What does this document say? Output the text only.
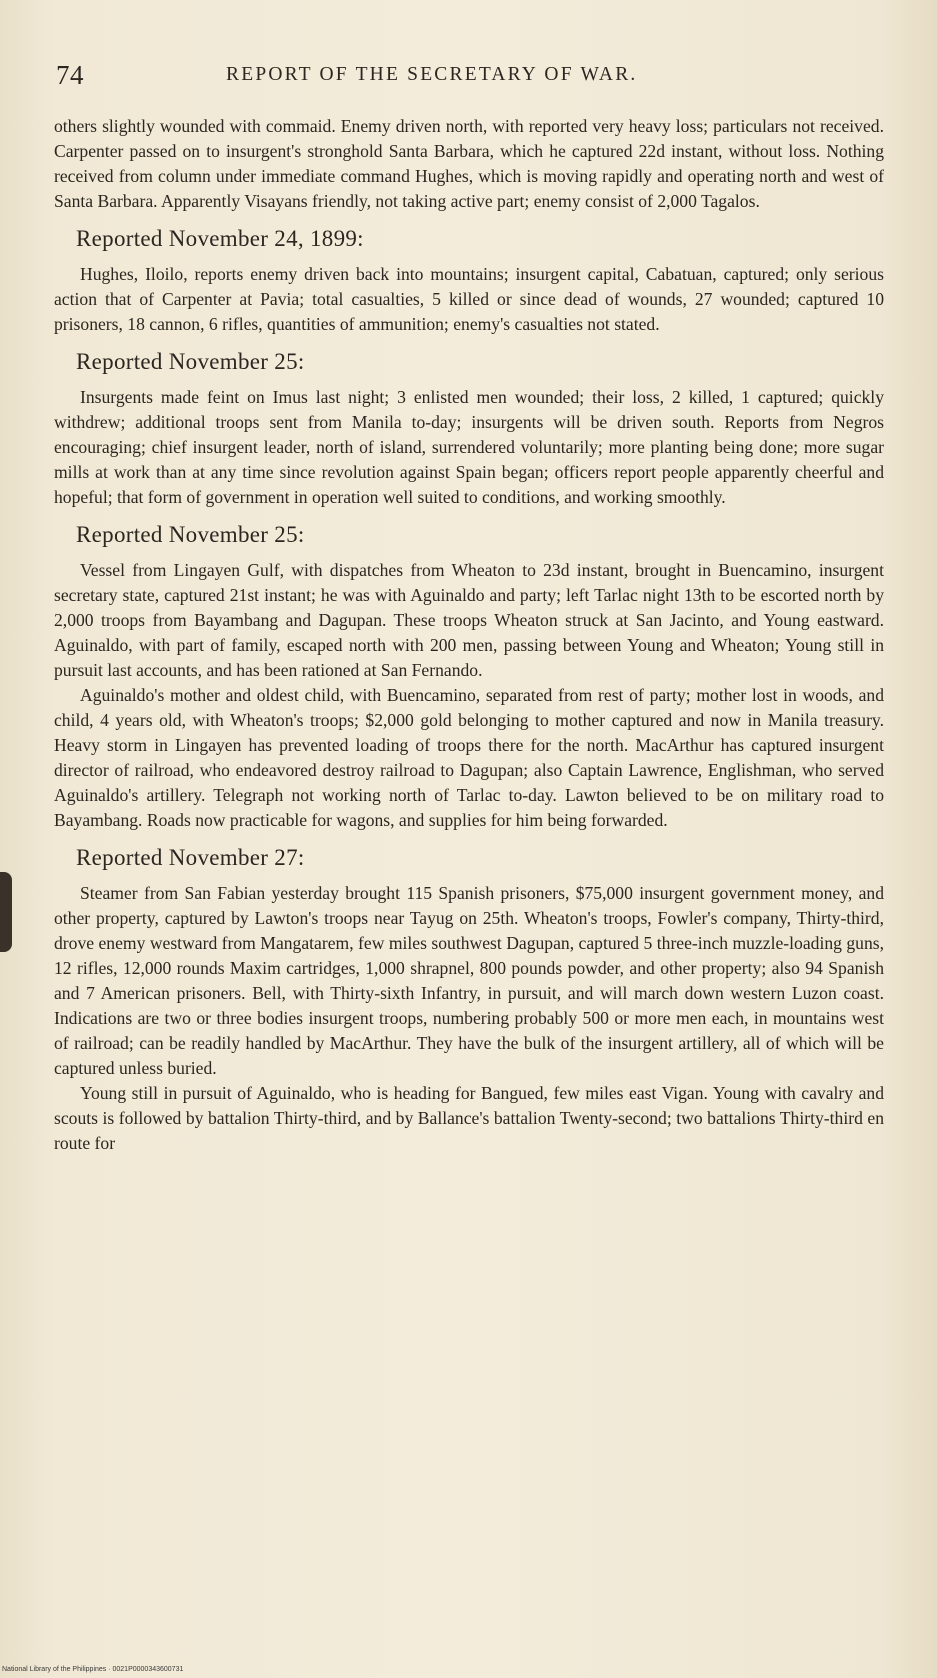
74	REPORT OF THE SECRETARY OF WAR.

others slightly wounded with commaid. Enemy driven north, with reported very heavy loss; particulars not received. Carpenter passed on to insurgent's stronghold Santa Barbara, which he captured 22d instant, without loss. Nothing received from column under immediate command Hughes, which is moving rapidly and operating north and west of Santa Barbara. Apparently Visayans friendly, not taking active part; enemy consist of 2,000 Tagalos.

Reported November 24, 1899:

Hughes, Iloilo, reports enemy driven back into mountains; insurgent capital, Cabatuan, captured; only serious action that of Carpenter at Pavia; total casualties, 5 killed or since dead of wounds, 27 wounded; captured 10 prisoners, 18 cannon, 6 rifles, quantities of ammunition; enemy's casualties not stated.

Reported November 25:

Insurgents made feint on Imus last night; 3 enlisted men wounded; their loss, 2 killed, 1 captured; quickly withdrew; additional troops sent from Manila to-day; insurgents will be driven south. Reports from Negros encouraging; chief insurgent leader, north of island, surrendered voluntarily; more planting being done; more sugar mills at work than at any time since revolution against Spain began; officers report people apparently cheerful and hopeful; that form of government in operation well suited to conditions, and working smoothly.

Reported November 25:

Vessel from Lingayen Gulf, with dispatches from Wheaton to 23d instant, brought in Buencamino, insurgent secretary state, captured 21st instant; he was with Aguinaldo and party; left Tarlac night 13th to be escorted north by 2,000 troops from Bayambang and Dagupan. These troops Wheaton struck at San Jacinto, and Young eastward. Aguinaldo, with part of family, escaped north with 200 men, passing between Young and Wheaton; Young still in pursuit last accounts, and has been rationed at San Fernando.

Aguinaldo's mother and oldest child, with Buencamino, separated from rest of party; mother lost in woods, and child, 4 years old, with Wheaton's troops; $2,000 gold belonging to mother captured and now in Manila treasury. Heavy storm in Lingayen has prevented loading of troops there for the north. MacArthur has captured insurgent director of railroad, who endeavored destroy railroad to Dagupan; also Captain Lawrence, Englishman, who served Aguinaldo's artillery. Telegraph not working north of Tarlac to-day. Lawton believed to be on military road to Bayambang. Roads now practicable for wagons, and supplies for him being forwarded.

Reported November 27:

Steamer from San Fabian yesterday brought 115 Spanish prisoners, $75,000 insurgent government money, and other property, captured by Lawton's troops near Tayug on 25th. Wheaton's troops, Fowler's company, Thirty-third, drove enemy westward from Mangatarem, few miles southwest Dagupan, captured 5 three-inch muzzle-loading guns, 12 rifles, 12,000 rounds Maxim cartridges, 1,000 shrapnel, 800 pounds powder, and other property; also 94 Spanish and 7 American prisoners. Bell, with Thirty-sixth Infantry, in pursuit, and will march down western Luzon coast. Indications are two or three bodies insurgent troops, numbering probably 500 or more men each, in mountains west of railroad; can be readily handled by MacArthur. They have the bulk of the insurgent artillery, all of which will be captured unless buried.

Young still in pursuit of Aguinaldo, who is heading for Bangued, few miles east Vigan. Young with cavalry and scouts is followed by battalion Thirty-third, and by Ballance's battalion Twenty-second; two battalions Thirty-third en route for

National Library of the Philippines · 0021P0000343600731
